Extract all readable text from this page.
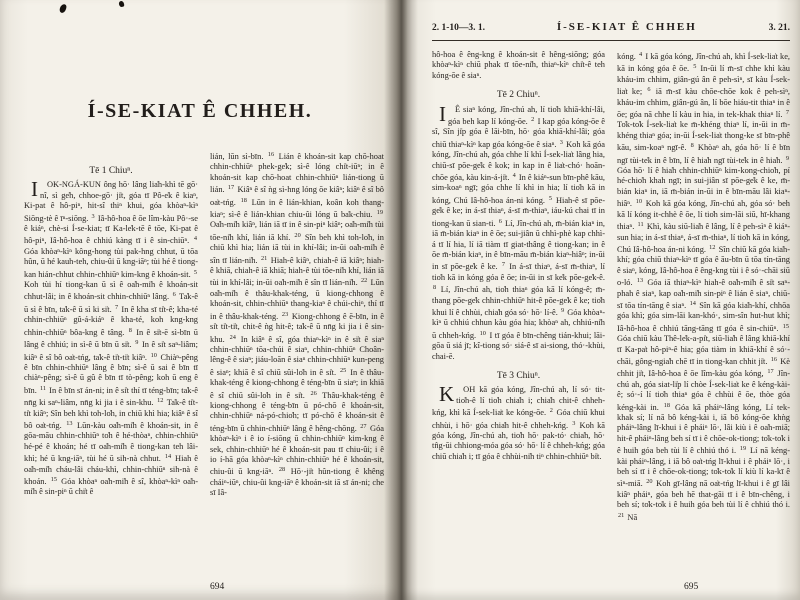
Í-SE-KIAT Ê CHHEH.
Tē 1 Chiuⁿ.

I OK-NGÁ-KUN ông hō· lâng lia̍h-khì tē gō· nî, sì ge̍h, chhoe-gō· ji̍t, góa tī Pô-e̍k ê kiaⁿ, Ki-pat ê hô-piⁿ, hit-sî thiⁿ khui, góa khòaⁿ-kìⁿ Siōng-tè ê īⁿ-siōng. $^3$ Iâ-hô-hoa ê ōe lîm-kàu Pô·-se ê kiáⁿ, chè-si Í-se-kiat; tī Ka-le̍k-tē ê tōe, Ki-pat ê hô-piⁿ, Iâ-hô-hoa ê chhiú kàng tī i ê sin-chiūⁿ. $^4$ Góa khòaⁿ-kìⁿ kông-hong tùi pak-hng chhut, ū tōa hûn, ū hé kauh-teh, chiu-ûi ū kng-iāⁿ; tùi hé ê tiong-kan hián-chhut chhin-chhiūⁿ kim-kng ê khoán-sit. $^5$ Koh tùi hí tiong-kan ū sì ê oa̍h-mi̍h ê khoán-sit chhut-lâi; in ê khoán-sit chhin-chhiūⁿ lâng. $^6$ Ta̍k-ê ū sì ê bīn, ta̍k-ê ū sì ki si̍t. $^7$ In ê kha sī ti̍t-ê; kha-té chhin-chhiūⁿ gû-á-kiáⁿ ê kha-té, koh kng-kng chhin-chhiūⁿ bôa-kng ê tâng. $^8$ In ê si̍t-ē sì-bīn ū lâng ê chhiú; in sì-ê ū bīn ū si̍t. $^9$ In ê si̍t saⁿ-liâm; kiâⁿ ê sî bô oa̍t-tńg, ta̍k-ê ti̍t-ti̍t kiâⁿ. $^{10}$ Chiàⁿ-pêng ê bīn chhin-chhiūⁿ lâng ê bīn; sì-ê ū sai ê bīn tī chiàⁿ-pêng; sì-ê ū gû ê bīn tī tò-pêng; koh ū eng ê bīn. $^{11}$ In ê bīn sī án-ni; in ê si̍t thí tī téng-bīn; ta̍k-ê nn̄g ki saⁿ-liâm, nn̄g ki jia i ê sin-khu. $^{12}$ Ta̍k-ê ti̍t-ti̍t kiâⁿ; Sîn beh khì toh-lo̍h, in chiū khì hia; kiâⁿ ê sî bô oa̍t-tńg. $^{13}$ Lūn-kàu oa̍h-mi̍h ê khoán-sit, in ê gōa-māu chhin-chhiūⁿ to̍h ê hé-thòaⁿ, chhin-chhiūⁿ hé-pé ê khoán; hé tī oa̍h-mi̍h ê tiong-kan teh lâi-khì; hé ū kng-iāⁿ, tùi hé ū sih-nà chhut. $^{14}$ Hiah ê oa̍h-mi̍h cháu-lâi cháu-khì, chhin-chhiūⁿ sih-nà ê khoán. $^{15}$ Góa khòaⁿ oa̍h-mi̍h ê sî, khòaⁿ-kìⁿ oa̍h-mi̍h ê sin-piⁿ ū chi̍t ê

lián, lūn sì-bīn. $^{16}$ Lián ê khoán-sit kap chō-hoat chhin-chhiūⁿ phek-ge̍k; sì-ê lóng chi̍t-iūⁿ; in ê khoán-sit kap chō-hoat chhin-chhiūⁿ lián-tiong ū lián. $^{17}$ Kiâⁿ ê sî ǹg sì-hng lóng ōe kiâⁿ; kiâⁿ ê sî bô oa̍t-tńg. $^{18}$ Lūn in ê lián-khian, koân koh thang-kiaⁿ; sì-ê ê lián-khian chiu-ûi lóng ū ba̍k-chiu. $^{19}$ Oa̍h-mi̍h kiâⁿ, lián iā tī in ê sin-piⁿ kiâⁿ; oa̍h-mi̍h tùi tōe-ni̍h khí, lián iā khí. $^{20}$ Sîn beh khì toh-lo̍h, in chiū khì hia; lián iā tùi in khí-lâi; in-ūi oa̍h-mi̍h ê sîn tī lián-ni̍h. $^{21}$ Hiah-ê kiâⁿ, chiah-ê iā kiâⁿ; hiah-ê khiā, chiah-ê iā khiā; hiah-ê tùi tōe-ni̍h khí, lián iā tùi in khí-lâi; in-ūi oa̍h-mi̍h ê sîn tī lián-ni̍h. $^{22}$ Lūn oa̍h-mi̍h ê thâu-khak-téng, ū kiong-chhong ê khoán-sit, chhin-chhiūⁿ thang-kiaⁿ ê chúi-chiⁿ, thí tī in ê thâu-khak-téng. $^{23}$ Kiong-chhong ê ē-bīn, in ê si̍t ti̍t-ti̍t, chit-ê ǹg hit-ê; ta̍k-ê ū nn̄g ki jia i ê sin-khu. $^{24}$ In kiâⁿ ê sî, góa thiaⁿ-kìⁿ in ê si̍t ê siaⁿ chhin-chhiūⁿ tōa-chúi ê siaⁿ, chhin-chhiūⁿ Choân-lêng-ê ê siaⁿ; jiáu-loān ê siaⁿ chhin-chhiūⁿ kun-peng ê siaⁿ; khiā ê sî chiū sûi-lo̍h in ê si̍t. $^{25}$ In ê thâu-khak-téng ê kiong-chhong ê téng-bīn ū siaⁿ; in khiā ê sî chiū sûi-lo̍h in ê si̍t. $^{26}$ Thâu-khak-téng ê kiong-chhong ê téng-bīn ū pó-chō ê khoán-sit, chhin-chhiūⁿ ná-pó-chio̍h; tī pó-chō ê khoán-sit ê téng-bīn ū chhin-chhiūⁿ lâng ê hêng-chōng. $^{27}$ Góa khòaⁿ-kìⁿ i ê io í-siōng ū chhin-chhiūⁿ kim-kng ê sek, chhin-chhiūⁿ hé ê khoán-sit pau tī chiu-ûi; i ê io í-hā góa khòaⁿ-kìⁿ chhin-chhiūⁿ hé ê khoán-sit, chiu-ûi ū kng-iāⁿ. $^{28}$ Hō·-ji̍t hûn-tiong ê khêng cháiⁿ-iūⁿ, chiu-ûi kng-iāⁿ ê khoán-sit iā sī án-ni; che sī Iâ-

694
2. 1-10—3. 1.	Í-SE-KIAT Ê CHHEH	3. 21.

hô-hoa ê êng-kng ê khoán-sit ê hêng-siōng; góa khòaⁿ-kìⁿ chiū phak tī tōe-ni̍h, thiaⁿ-kìⁿ chi̍t-ê teh kóng-ōe ê siaⁿ.

Tē 2 Chiuⁿ.

I Ê siaⁿ kóng, Jîn-chú ah, lí tio̍h khiā-khí-lâi, góa beh kap lí kóng-ōe. $^2$ I kap góa kóng-ōe ê sî, Sîn ji̍p góa ê lāi-bīn, hō· góa khiā-khí-lâi; góa chiū thiaⁿ-kìⁿ kap góa kóng-ōe ê siaⁿ. $^3$ Koh kā góa kóng, Jîn-chú ah, góa chhe lí khì Í-sek-lia̍t lâng hia, chiū-sī pōe-ge̍k ê kok; in kap in ê lia̍t-chó· hoān-chōe góa, kàu kin-á-ji̍t. $^4$ In ê kiáⁿ-sun bīn-phê kāu, sim-koaⁿ ngī; góa chhe lí khì in hia; lí tio̍h kā in kóng, Chú Iâ-hô-hoa án-ni kóng. $^5$ Hiah-ê sī pōe-ge̍k ê ke; in á-sī thiaⁿ, á-sī m̄-thiaⁿ, iáu-kú chai tī in tiong-kan ū sian-ti. $^6$ Lí, Jîn-chú ah, m̄-bián kiaⁿ in, iā m̄-bián kiaⁿ in ê ōe; sui-jiân ū chhì-phè kap chhì-á tī lí hia, lí iā tiàm tī giat-thâng ê tiong-kan; in ê ōe m̄-bián kiaⁿ, in ê bīn-māu m̄-bián kiaⁿ-hiâⁿ; in-ūi in sī pōe-ge̍k ê ke. $^7$ In á-sī thiaⁿ, á-sī m̄-thiaⁿ, lí tio̍h kā in kóng góa ê ōe; in-ūi in sī ke̍k pōe-ge̍k-ê. $^8$ Lí, Jîn-chú ah, tio̍h thiaⁿ góa kā lí kóng-ê; m̄-thang pōe-ge̍k chhin-chhiūⁿ hit-ê pōe-ge̍k ê ke; tio̍h khui lí ê chhùi, chia̍h góa só· hō· lí-ê. $^9$ Góa khòaⁿ-kìⁿ ū chhiú chhun kàu góa hia; khòaⁿ ah, chhiú-ni̍h ū chheh-kńg. $^{10}$ I tī góa ê bīn-chêng tián-khui; lāi-gōa ū siá jī; kî-tiong só· siá-ê sī ai-siong, thó·-khùi, chai-ē.

Tē 3 Chiuⁿ.

K OH kā góa kóng, Jîn-chú ah, lí só· tit-tio̍h-ê lí tio̍h chia̍h i; chia̍h chit-ê chheh-kńg, khì kā Í-sek-lia̍t ke kóng-ōe. $^2$ Góa chiū khui chhùi, i hō· góa chia̍h hit-ê chheh-kńg. $^3$ Koh kā góa kóng, Jîn-chú ah, tio̍h hō· pak-tó· chia̍h, hō· tn̂g-ūi chhiong-móa góa só· hō· lí ê chheh-kńg; góa chiū chia̍h i; tī góa ê chhùi-ni̍h tiⁿ chhin-chhiūⁿ bi̍t.

kóng. $^4$ I kā góa kóng, Jîn-chú ah, khì Í-sek-lia̍t ke, kā in kóng góa ê ōe. $^5$ In-ūi lí m̄-sī chhe khì kàu kháu-im chhim, giân-gú ân ê peh-sìⁿ, sī kàu Í-sek-lia̍t ke; $^6$ iā m̄-sī kàu chōe-chōe kok ê peh-sìⁿ, kháu-im chhim, giân-gú ân, lí bōe hiáu-tit thiaⁿ in ê ōe; góa nā chhe lí kàu in hia, in tek-khak thiaⁿ lí. $^7$ To̍k-to̍k Í-sek-lia̍t ke m̄-khéng thiaⁿ lí, in-ūi in m̄-khéng thiaⁿ góa; in-ūi Í-sek-lia̍t thong-ke sī bīn-phê kāu, sim-koaⁿ ngī-ê. $^8$ Khòaⁿ ah, góa hō· lí ê bīn ngī tùi-te̍k in ê bīn, lí ê hia̍h ngī tùi-te̍k in ê hia̍h. $^9$ Góa hō· lí ê hia̍h chhin-chhiūⁿ kim-kong-chio̍h, pí hé-chio̍h khah ngī; in sui-jiân sī pōe-ge̍k ê ke, m̄-bián kiaⁿ in, iā m̄-bián in-ūi in ê bīn-māu lâi kiaⁿ-hiâⁿ. $^{10}$ Koh kā góa kóng, Jîn-chú ah, góa só· beh kā lí kóng it-chhè ê ōe, lí tio̍h sim-lāi siū, hī-khang thiaⁿ. $^{11}$ Khì, kàu siū-lia̍h ê lâng, lí ê peh-sìⁿ ê kiáⁿ-sun hia; in á-sī thiaⁿ, á-sī m̄-thiaⁿ, lí tio̍h kā in kóng, Chú Iâ-hô-hoa án-ni kóng. $^{12}$ Sîn chiū kā góa kia̍h-khí; góa chiū thiaⁿ-kìⁿ tī góa ê āu-bīn ū tōa tín-tāng ê siaⁿ, kóng, Iâ-hô-hoa ê êng-kng tùi i ê só·-chāi siū o-ló. $^{13}$ Góa iā thiaⁿ-kìⁿ hiah-ê oa̍h-mi̍h ê si̍t saⁿ-phah ê siaⁿ, kap oa̍h-mi̍h sin-piⁿ ê lián ê siaⁿ, chiū-sī tōa tín-tāng ê siaⁿ. $^{14}$ Sîn kā góa kia̍h-khí, chhōa góa khì; góa sim-lāi kan-khó·, sim-sîn hut-hut khì; Iâ-hô-hoa ê chhiú tāng-tāng tī góa ê sin-chiūⁿ. $^{15}$ Góa chiū kàu Thê-le̍k-a-pi̍t, siū-lia̍h ê lâng khiā-khí tī Ka-pa̍t hô-piⁿ-ê hia; góa tiàm in khiā-khí ê só·-chāi, gông-ngia̍h chē tī in tiong-kan chhit ji̍t. $^{16}$ Kè chhit ji̍t, Iâ-hô-hoa ê ōe lîm-kàu góa kóng, $^{17}$ Jîn-chú ah, góa siat-li̍p lí chòe Í-sek-lia̍t ke ê kéng-kài-ê; só·-í lí tio̍h thiaⁿ góa ê chhùi ê ōe, thòe góa kéng-kài in. $^{18}$ Góa kā pháiⁿ-lâng kóng, Lí tek-khak sí; lí nā bô kéng-kài i, iā bô kóng-ōe khǹg pháiⁿ-lâng lī-khui i ê pháiⁿ lō·, lâi kiù i ê oa̍h-miā; hit-ê pháiⁿ-lâng beh sí tī i ê chōe-ok-tiong; to̍k-to̍k i ê huih góa beh tùi lí ê chhiú thó i. $^{19}$ Lí nā kéng-kài pháiⁿ-lâng, i iā bô oa̍t-tńg lī-khui i ê pháiⁿ lō·, i beh sí tī i ê chōe-ok-tiong; to̍k-to̍k lí kiù lí ka-kī ê sìⁿ-miā. $^{20}$ Koh gī-lâng nā oa̍t-tńg lī-khui i ê gī lâi kiâⁿ pháiⁿ, góa beh hē that-gāi tī i ê bīn-chêng, i beh sí; to̍k-to̍k i ê huih góa beh tùi lí ê chhiú thó i. $^{21}$ Nā

695
